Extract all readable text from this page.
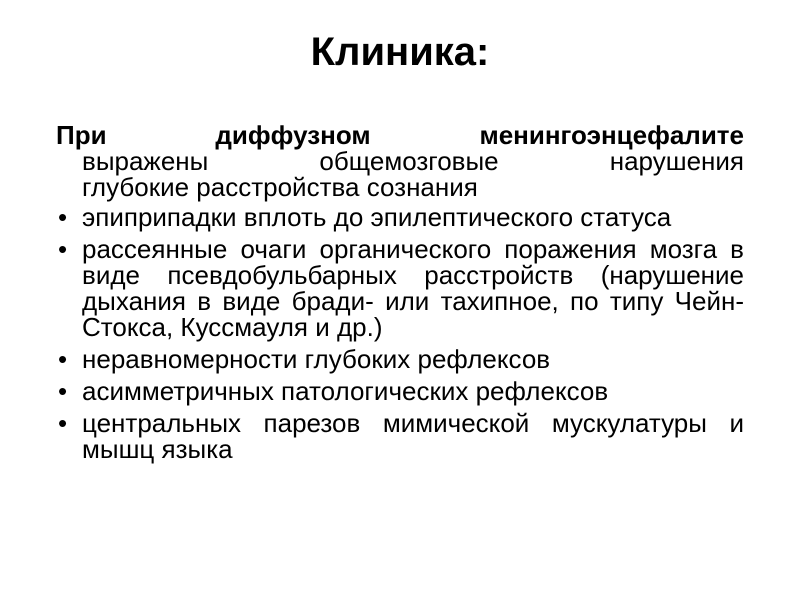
Клиника:

При диффузном менингоэнцефалите
выражены общемозговые нарушения
глубокие расстройства сознания

• эпиприпадки вплоть до эпилептического статуса
• рассеянные очаги органического поражения мозга в виде псевдобульбарных расстройств (нарушение дыхания в виде бради- или тахипное, по типу Чейн-Стокса, Куссмауля и др.)
• неравномерности глубоких рефлексов
• асимметричных патологических рефлексов
• центральных парезов мимической мускулатуры и мышц языка
